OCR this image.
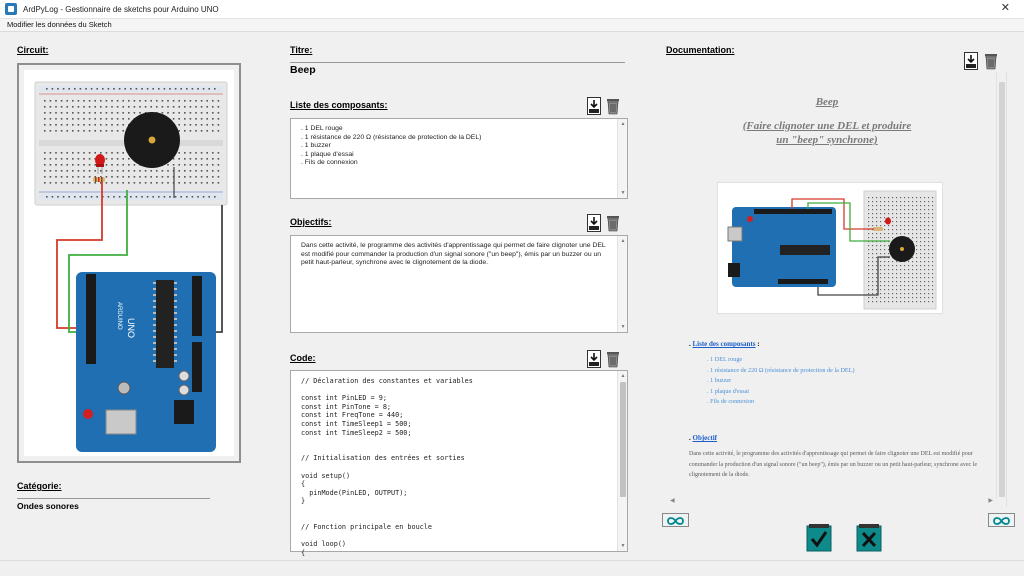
ArdPyLog - Gestionnaire de sketchs pour Arduino UNO	✕
Modifier les données du Sketch
Circuit:
UNO
ARDUINO
Catégorie:
Ondes sonores
Titre:
Beep
Liste des composants:
. 1 DEL rouge
. 1 résistance de 220 Ω (résistance de protection de la DEL)
. 1 buzzer
. 1 plaque d'essai
. Fils de connexion
▲
▼
Objectifs:
Dans cette activité, le programme des activités d'apprentissage qui permet de faire clignoter une DEL est modifié pour commander la production d'un signal sonore ("un beep"), émis par un buzzer ou un petit haut-parleur, synchrone avec le clignotement de la diode.
▲
▼
Code:
// Déclaration des constantes et variables

const int PinLED = 9;
const int PinTone = 8;
const int FreqTone = 440;
const int TimeSleep1 = 500;
const int TimeSleep2 = 500;

// Initialisation des entrées et sorties

void setup()
{
pinMode(PinLED, OUTPUT);
}

// Fonction principale en boucle

void loop()
{
▲
▼
Documentation:
Beep
(Faire clignoter une DEL et produire
un "beep" synchrone)
. Liste des composants :
. 1 DEL rouge
. 1 résistance de 220 Ω (résistance de protection de la DEL)
. 1 buzzer
. 1 plaque d'essai
. Fils de connexion
. Objectif
Dans cette activité, le programme des activités d'apprentissage qui permet de faire clignoter une DEL est modifié pour commander la production d'un signal sonore ("un beep"), émis par un buzzer ou un petit haut-parleur, synchrone avec le clignotement de la diode.
◀	▶
